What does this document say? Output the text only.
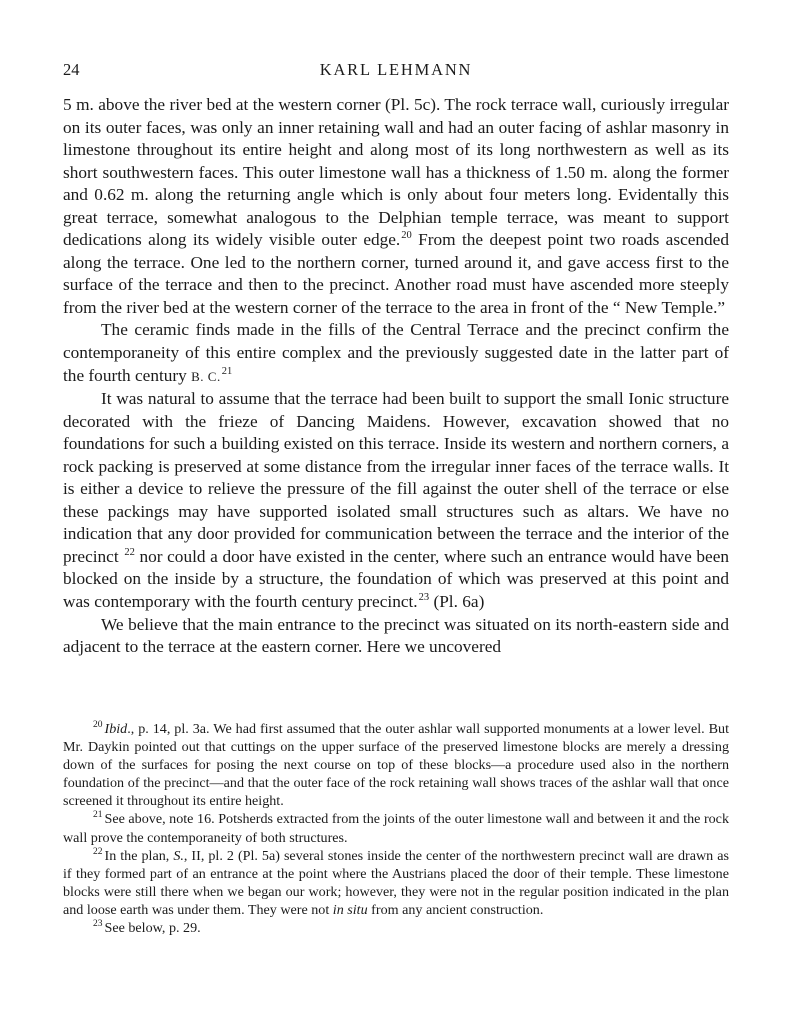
24	KARL LEHMANN

5 m. above the river bed at the western corner (Pl. 5c). The rock terrace wall, curiously irregular on its outer faces, was only an inner retaining wall and had an outer facing of ashlar masonry in limestone throughout its entire height and along most of its long northwestern as well as its short southwestern faces. This outer limestone wall has a thickness of 1.50 m. along the former and 0.62 m. along the returning angle which is only about four meters long. Evidentally this great terrace, somewhat analogous to the Delphian temple terrace, was meant to support dedications along its widely visible outer edge.$^{20}$ From the deepest point two roads ascended along the terrace. One led to the northern corner, turned around it, and gave access first to the surface of the terrace and then to the precinct. Another road must have ascended more steeply from the river bed at the western corner of the terrace to the area in front of the “ New Temple.”

The ceramic finds made in the fills of the Central Terrace and the precinct confirm the contemporaneity of this entire complex and the previously suggested date in the latter part of the fourth century B. C.$^{21}$

It was natural to assume that the terrace had been built to support the small Ionic structure decorated with the frieze of Dancing Maidens. However, excavation showed that no foundations for such a building existed on this terrace. Inside its western and northern corners, a rock packing is preserved at some distance from the irregular inner faces of the terrace walls. It is either a device to relieve the pressure of the fill against the outer shell of the terrace or else these packings may have supported isolated small structures such as altars. We have no indication that any door provided for communication between the terrace and the interior of the precinct $^{22}$ nor could a door have existed in the center, where such an entrance would have been blocked on the inside by a structure, the foundation of which was preserved at this point and was contemporary with the fourth century precinct.$^{23}$ (Pl. 6a)

We believe that the main entrance to the precinct was situated on its north-eastern side and adjacent to the terrace at the eastern corner. Here we uncovered

$^{20}$ Ibid., p. 14, pl. 3a. We had first assumed that the outer ashlar wall supported monuments at a lower level. But Mr. Daykin pointed out that cuttings on the upper surface of the preserved limestone blocks are merely a dressing down of the surfaces for posing the next course on top of these blocks—a procedure used also in the northern foundation of the precinct—and that the outer face of the rock retaining wall shows traces of the ashlar wall that once screened it throughout its entire height.

$^{21}$ See above, note 16. Potsherds extracted from the joints of the outer limestone wall and between it and the rock wall prove the contemporaneity of both structures.

$^{22}$ In the plan, S., II, pl. 2 (Pl. 5a) several stones inside the center of the northwestern precinct wall are drawn as if they formed part of an entrance at the point where the Austrians placed the door of their temple. These limestone blocks were still there when we began our work; however, they were not in the regular position indicated in the plan and loose earth was under them. They were not in situ from any ancient construction.

$^{23}$ See below, p. 29.
